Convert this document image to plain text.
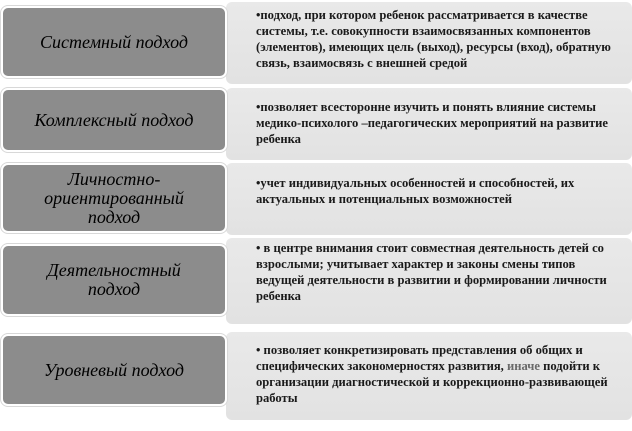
•подход, при котором ребенок рассматривается в качестве системы, т.е. совокупности взаимосвязанных компонентов (элементов), имеющих цель (выход), ресурсы (вход), обратную связь, взаимосвязь с внешней средой
Системный подход
•позволяет всесторонне изучить и понять влияние системы медико-психолого –педагогических мероприятий на развитие ребенка
Комплексный подход
•учет индивидуальных особенностей и способностей, их актуальных и потенциальных возможностей
Личностно-ориентированный подход
• в центре внимания стоит совместная деятельность детей со взрослыми; учитывает характер и законы смены типов ведущей деятельности в развитии и формировании личности ребенка
Деятельностный подход
• позволяет конкретизировать представления об общих и специфических закономерностях развития, иначе подойти к организации диагностической и коррекционно-развивающей работы
Уровневый подход
